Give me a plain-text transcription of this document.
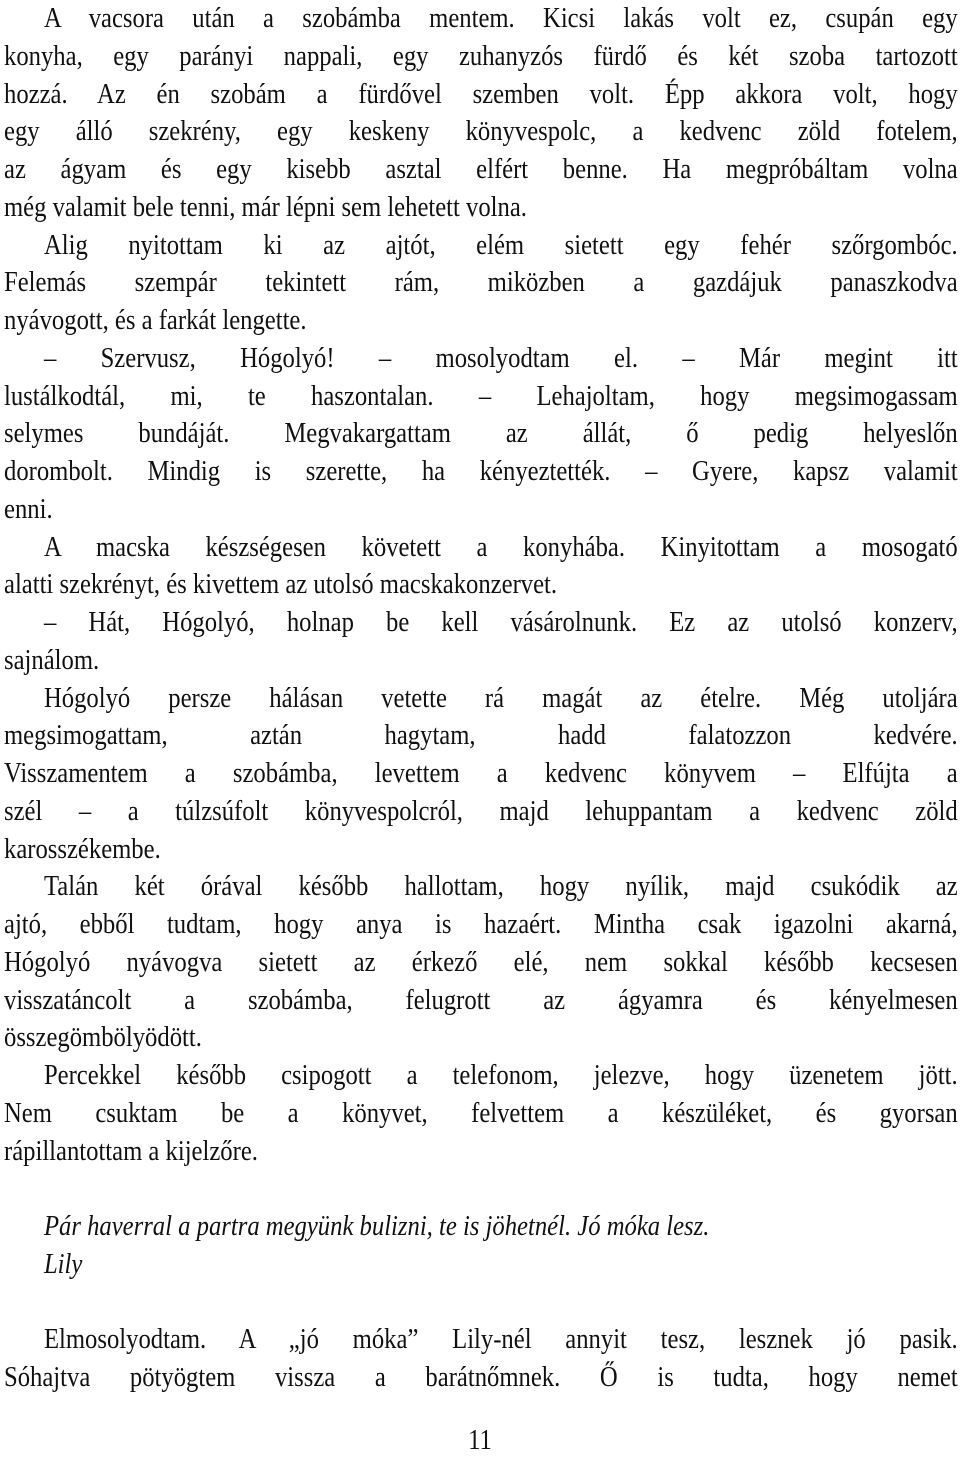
A vacsora után a szobámba mentem. Kicsi lakás volt ez, csupán egy
konyha, egy parányi nappali, egy zuhanyzós fürdő és két szoba tartozott
hozzá. Az én szobám a fürdővel szemben volt. Épp akkora volt, hogy
egy álló szekrény, egy keskeny könyvespolc, a kedvenc zöld fotelem,
az ágyam és egy kisebb asztal elfért benne. Ha megpróbáltam volna
még valamit bele tenni, már lépni sem lehetett volna.
Alig nyitottam ki az ajtót, elém sietett egy fehér szőrgombóc.
Felemás szempár tekintett rám, miközben a gazdájuk panaszkodva
nyávogott, és a farkát lengette.
– Szervusz, Hógolyó! – mosolyodtam el. – Már megint itt
lustálkodtál, mi, te haszontalan. – Lehajoltam, hogy megsimogassam
selymes bundáját. Megvakargattam az állát, ő pedig helyeslőn
dorombolt. Mindig is szerette, ha kényeztették. – Gyere, kapsz valamit
enni.
A macska készségesen követett a konyhába. Kinyitottam a mosogató
alatti szekrényt, és kivettem az utolsó macskakonzervet.
– Hát, Hógolyó, holnap be kell vásárolnunk. Ez az utolsó konzerv,
sajnálom.
Hógolyó persze hálásan vetette rá magát az ételre. Még utoljára
megsimogattam, aztán hagytam, hadd falatozzon kedvére.
Visszamentem a szobámba, levettem a kedvenc könyvem – Elfújta a
szél – a túlzsúfolt könyvespolcról, majd lehuppantam a kedvenc zöld
karosszékembe.
Talán két órával később hallottam, hogy nyílik, majd csukódik az
ajtó, ebből tudtam, hogy anya is hazaért. Mintha csak igazolni akarná,
Hógolyó nyávogva sietett az érkező elé, nem sokkal később kecsesen
visszatáncolt a szobámba, felugrott az ágyamra és kényelmesen
összegömbölyödött.
Percekkel később csipogott a telefonom, jelezve, hogy üzenetem jött.
Nem csuktam be a könyvet, felvettem a készüléket, és gyorsan
rápillantottam a kijelzőre.
Pár haverral a partra megyünk bulizni, te is jöhetnél. Jó móka lesz.
Lily
Elmosolyodtam. A „jó móka” Lily-nél annyit tesz, lesznek jó pasik.
Sóhajtva pötyögtem vissza a barátnőmnek. Ő is tudta, hogy nemet
11
